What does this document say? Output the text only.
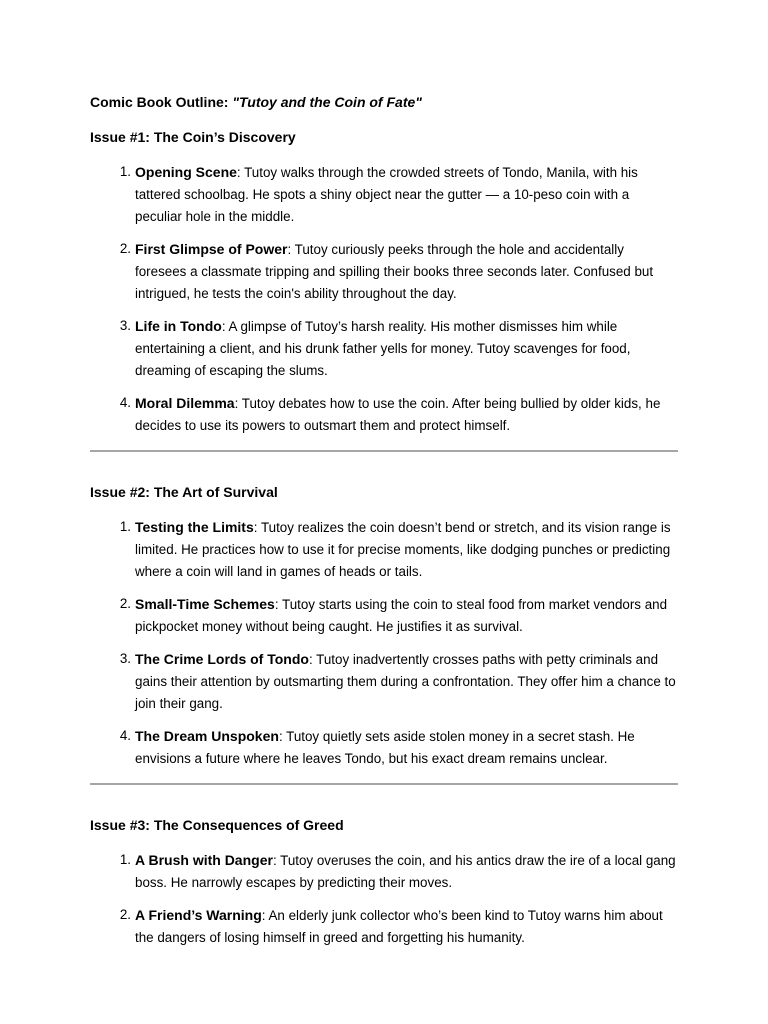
Comic Book Outline: "Tutoy and the Coin of Fate"

Issue #1: The Coin’s Discovery

1. Opening Scene: Tutoy walks through the crowded streets of Tondo, Manila, with his tattered schoolbag. He spots a shiny object near the gutter — a 10-peso coin with a peculiar hole in the middle.
2. First Glimpse of Power: Tutoy curiously peeks through the hole and accidentally foresees a classmate tripping and spilling their books three seconds later. Confused but intrigued, he tests the coin's ability throughout the day.
3. Life in Tondo: A glimpse of Tutoy’s harsh reality. His mother dismisses him while entertaining a client, and his drunk father yells for money. Tutoy scavenges for food, dreaming of escaping the slums.
4. Moral Dilemma: Tutoy debates how to use the coin. After being bullied by older kids, he decides to use its powers to outsmart them and protect himself.

Issue #2: The Art of Survival

1. Testing the Limits: Tutoy realizes the coin doesn’t bend or stretch, and its vision range is limited. He practices how to use it for precise moments, like dodging punches or predicting where a coin will land in games of heads or tails.
2. Small-Time Schemes: Tutoy starts using the coin to steal food from market vendors and pickpocket money without being caught. He justifies it as survival.
3. The Crime Lords of Tondo: Tutoy inadvertently crosses paths with petty criminals and gains their attention by outsmarting them during a confrontation. They offer him a chance to join their gang.
4. The Dream Unspoken: Tutoy quietly sets aside stolen money in a secret stash. He envisions a future where he leaves Tondo, but his exact dream remains unclear.

Issue #3: The Consequences of Greed

1. A Brush with Danger: Tutoy overuses the coin, and his antics draw the ire of a local gang boss. He narrowly escapes by predicting their moves.
2. A Friend’s Warning: An elderly junk collector who’s been kind to Tutoy warns him about the dangers of losing himself in greed and forgetting his humanity.
